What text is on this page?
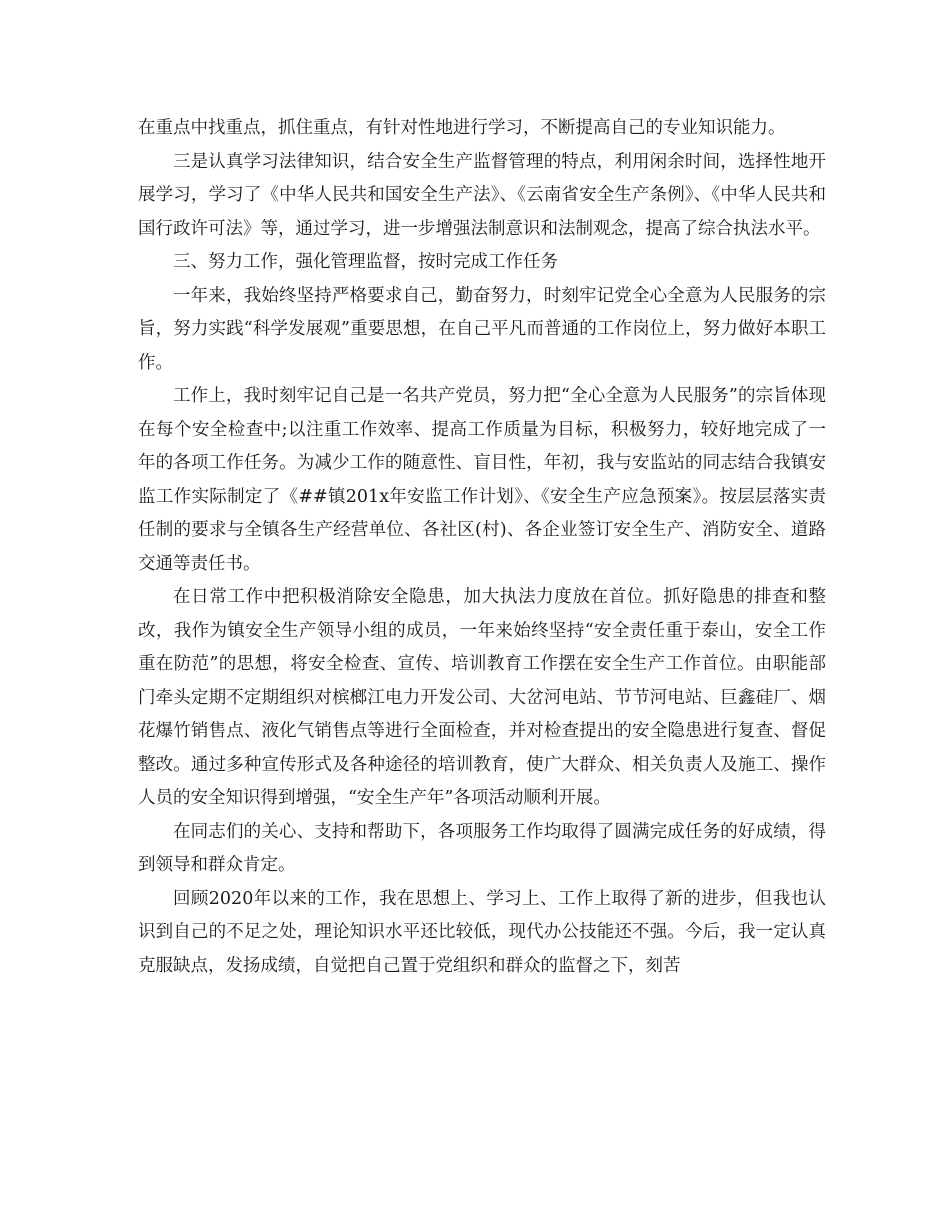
在重点中找重点，抓住重点，有针对性地进行学习，不断提高自己的专业知识能力。

三是认真学习法律知识，结合安全生产监督管理的特点，利用闲余时间，选择性地开展学习，学习了《中华人民共和国安全生产法》、《云南省安全生产条例》、《中华人民共和国行政许可法》等，通过学习，进一步增强法制意识和法制观念，提高了综合执法水平。

三、努力工作，强化管理监督，按时完成工作任务

一年来，我始终坚持严格要求自己，勤奋努力，时刻牢记党全心全意为人民服务的宗旨，努力实践“科学发展观”重要思想，在自己平凡而普通的工作岗位上，努力做好本职工作。

工作上，我时刻牢记自己是一名共产党员，努力把“全心全意为人民服务”的宗旨体现在每个安全检查中;以注重工作效率、提高工作质量为目标，积极努力，较好地完成了一年的各项工作任务。为减少工作的随意性、盲目性，年初，我与安监站的同志结合我镇安监工作实际制定了《##镇201x年安监工作计划》、《安全生产应急预案》。按层层落实责任制的要求与全镇各生产经营单位、各社区(村)、各企业签订安全生产、消防安全、道路交通等责任书。

在日常工作中把积极消除安全隐患，加大执法力度放在首位。抓好隐患的排查和整改，我作为镇安全生产领导小组的成员，一年来始终坚持“安全责任重于泰山，安全工作重在防范”的思想，将安全检查、宣传、培训教育工作摆在安全生产工作首位。由职能部门牵头定期不定期组织对槟榔江电力开发公司、大岔河电站、节节河电站、巨鑫硅厂、烟花爆竹销售点、液化气销售点等进行全面检查，并对检查提出的安全隐患进行复查、督促整改。通过多种宣传形式及各种途径的培训教育，使广大群众、相关负责人及施工、操作人员的安全知识得到增强，“安全生产年”各项活动顺利开展。

在同志们的关心、支持和帮助下，各项服务工作均取得了圆满完成任务的好成绩，得到领导和群众肯定。

回顾2020年以来的工作，我在思想上、学习上、工作上取得了新的进步，但我也认识到自己的不足之处，理论知识水平还比较低，现代办公技能还不强。今后，我一定认真克服缺点，发扬成绩，自觉把自己置于党组织和群众的监督之下，刻苦
